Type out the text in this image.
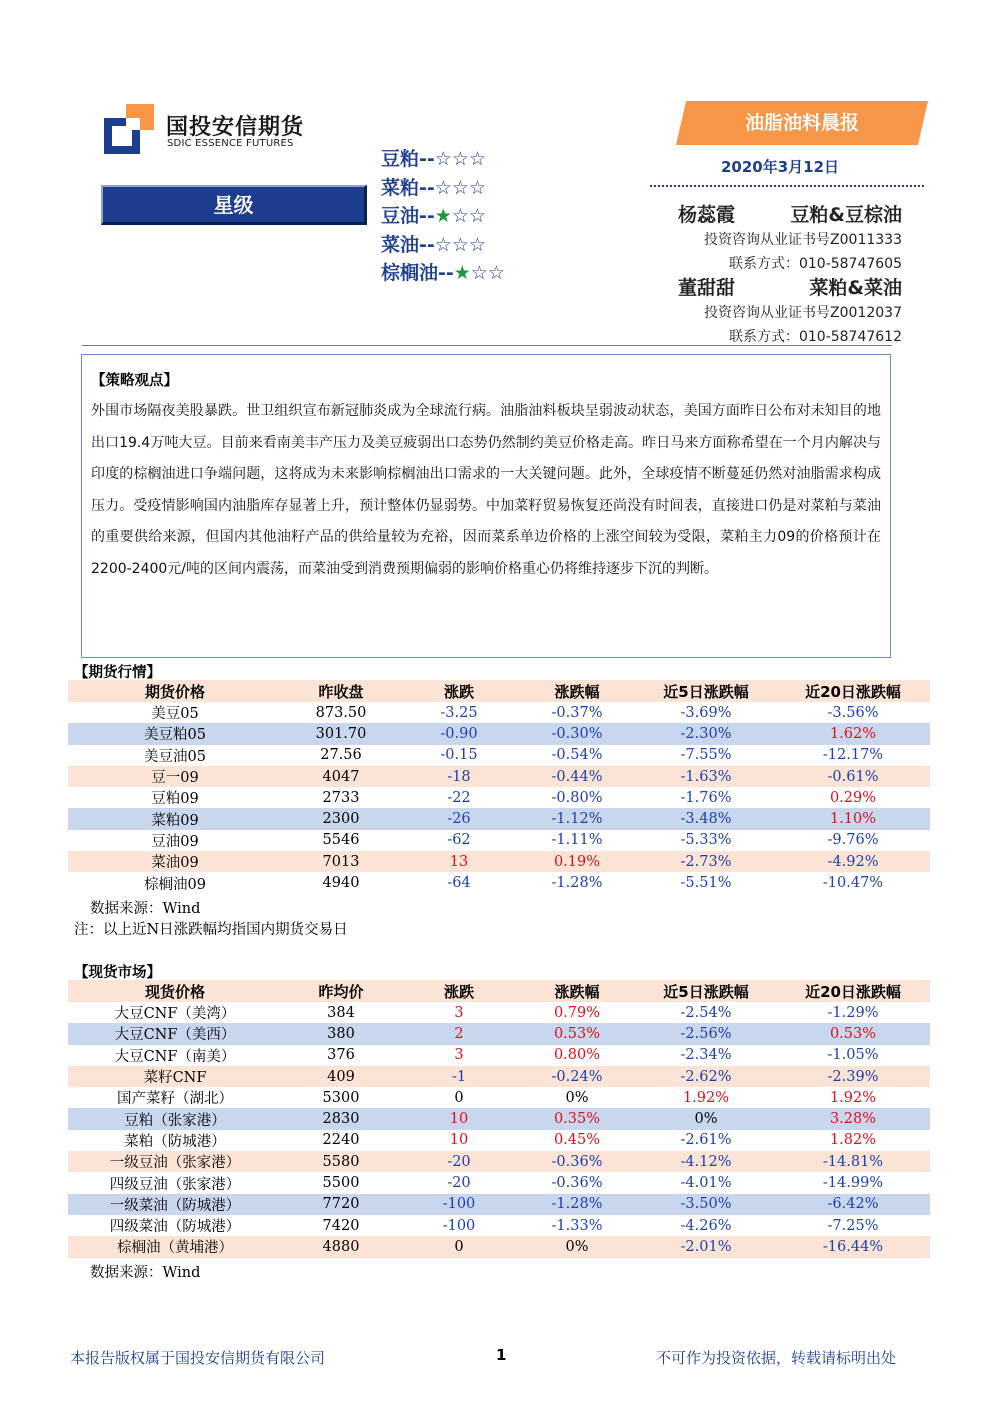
国投安信期货
SDIC ESSENCE FUTURES
星级
豆粕--☆☆☆
菜粕--☆☆☆
豆油--★☆☆
菜油--☆☆☆
棕榈油--★☆☆
油脂油料晨报
2020年3月12日
杨蕊霞	豆粕&豆棕油
投资咨询从业证书号Z0011333
联系方式：010-58747605
董甜甜	菜粕&菜油
投资咨询从业证书号Z0012037
联系方式：010-58747612
【策略观点】

外围市场隔夜美股暴跌。世卫组织宣布新冠肺炎成为全球流行病。油脂油料板块呈弱波动状态，美国方面昨日公布对未知目的地出口19.4万吨大豆。目前来看南美丰产压力及美豆疲弱出口态势仍然制约美豆价格走高。昨日马来方面称希望在一个月内解决与印度的棕榈油进口争端问题，这将成为未来影响棕榈油出口需求的一大关键问题。此外，全球疫情不断蔓延仍然对油脂需求构成压力。受疫情影响国内油脂库存显著上升，预计整体仍显弱势。中加菜籽贸易恢复还尚没有时间表，直接进口仍是对菜粕与菜油的重要供给来源，但国内其他油籽产品的供给量较为充裕，因而菜系单边价格的上涨空间较为受限，菜粕主力09的价格预计在2200-2400元/吨的区间内震荡，而菜油受到消费预期偏弱的影响价格重心仍将维持逐步下沉的判断。

【期货行情】
期货价格	昨收盘	涨跌	涨跌幅	近5日涨跌幅	近20日涨跌幅
美豆05	873.50	-3.25	-0.37%	-3.69%	-3.56%
美豆粕05	301.70	-0.90	-0.30%	-2.30%	1.62%
美豆油05	27.56	-0.15	-0.54%	-7.55%	-12.17%
豆一09	4047	-18	-0.44%	-1.63%	-0.61%
豆粕09	2733	-22	-0.80%	-1.76%	0.29%
菜粕09	2300	-26	-1.12%	-3.48%	1.10%
豆油09	5546	-62	-1.11%	-5.33%	-9.76%
菜油09	7013	13	0.19%	-2.73%	-4.92%
棕榈油09	4940	-64	-1.28%	-5.51%	-10.47%
数据来源：Wind
注：以上近N日涨跌幅均指国内期货交易日
【现货市场】
现货价格	昨均价	涨跌	涨跌幅	近5日涨跌幅	近20日涨跌幅
大豆CNF（美湾）	384	3	0.79%	-2.54%	-1.29%
大豆CNF（美西）	380	2	0.53%	-2.56%	0.53%
大豆CNF（南美）	376	3	0.80%	-2.34%	-1.05%
菜籽CNF	409	-1	-0.24%	-2.62%	-2.39%
国产菜籽（湖北）	5300	0	0%	1.92%	1.92%
豆粕（张家港）	2830	10	0.35%	0%	3.28%
菜粕（防城港）	2240	10	0.45%	-2.61%	1.82%
一级豆油（张家港）	5580	-20	-0.36%	-4.12%	-14.81%
四级豆油（张家港）	5500	-20	-0.36%	-4.01%	-14.99%
一级菜油（防城港）	7720	-100	-1.28%	-3.50%	-6.42%
四级菜油（防城港）	7420	-100	-1.33%	-4.26%	-7.25%
棕榈油（黄埔港）	4880	0	0%	-2.01%	-16.44%
数据来源：Wind
本报告版权属于国投安信期货有限公司	1	不可作为投资依据，转载请标明出处
